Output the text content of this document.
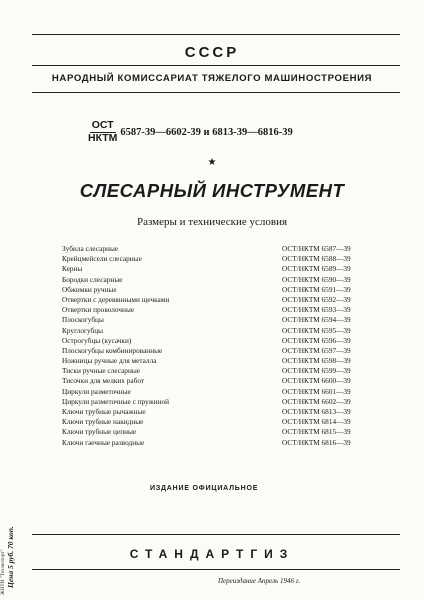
СССР
НАРОДНЫЙ КОМИССАРИАТ ТЯЖЕЛОГО МАШИНОСТРОЕНИЯ
$\frac{\text{ОСТ}}{\text{НКТМ}}$ 6587-39—6602-39 и 6813-39—6816-39
★
СЛЕСАРНЫЙ ИНСТРУМЕНТ
Размеры и технические условия
Зубила слесарные	ОСТ/НКТМ 6587—39
Крейцмейсели слесарные	ОСТ/НКТМ 6588—39
Керны	ОСТ/НКТМ 6589—39
Бородки слесарные	ОСТ/НКТМ 6590—39
Обжимки ручные	ОСТ/НКТМ 6591—39
Отвертки с деревянными щечками	ОСТ/НКТМ 6592—39
Отвертки проволочные	ОСТ/НКТМ 6593—39
Плоскогубцы	ОСТ/НКТМ 6594—39
Круглогубцы	ОСТ/НКТМ 6595—39
Острогубцы (кусачки)	ОСТ/НКТМ 6596—39
Плоскогубцы комбинированные	ОСТ/НКТМ 6597—39
Ножницы ручные для металла	ОСТ/НКТМ 6598—39
Тиски ручные слесарные	ОСТ/НКТМ 6599—39
Тисочки для мелких работ	ОСТ/НКТМ 6600—39
Циркули разметочные	ОСТ/НКТМ 6601—39
Циркули разметочные с пружиной	ОСТ/НКТМ 6602—39
Ключи трубные рычажные	ОСТ/НКТМ 6813—39
Ключи трубные накидные	ОСТ/НКТМ 6814—39
Ключи трубные цепные	ОСТ/НКТМ 6815—39
Ключи гаечные разводные	ОСТ/НКТМ 6816—39
ИЗДАНИЕ ОФИЦИАЛЬНОЕ
Цена 5 руб. 70 коп.
ЖНТИ "Техэкспорт"	СТАНДАРТГИЗ
Переиздание Апрель 1946 г.
